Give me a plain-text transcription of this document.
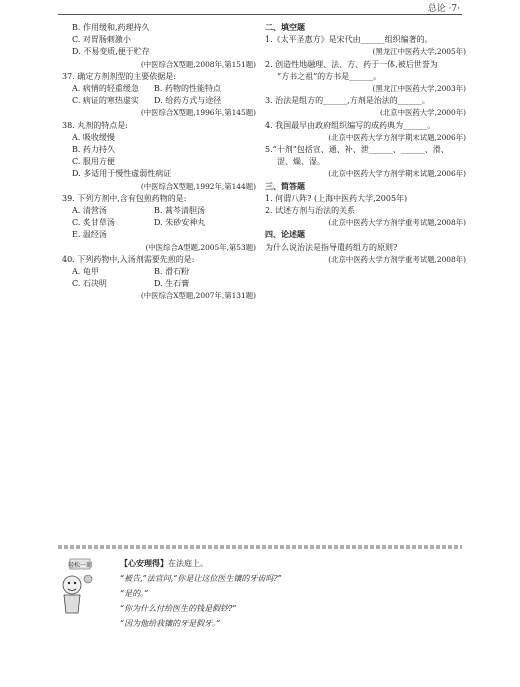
总论 ·7·
B. 作用缓和,药理持久
C. 对胃肠刺激小
D. 不易变质,便于贮存
(中医综合X型题,2008年,第151题)
37. 确定方剂剂型的主要依据是:
A. 病情的轻重缓急	B. 药物的性能特点
C. 病证的寒热虚实	D. 给药方式与途径
(中医综合X型题,1996年,第145题)
38. 丸剂的特点是:
A. 吸收缓慢
B. 药力持久
C. 服用方便
D. 多适用于慢性虚弱性病证
(中医综合X型题,1992年,第144题)
39. 下列方剂中,含有包煎药物的是:
A. 清营汤	B. 蒿芩清胆汤
C. 炙甘草汤	D. 朱砂安神丸
E. 温经汤
(中医综合A型题,2005年,第53题)
40. 下列药物中,入汤剂需要先煎的是:
A. 龟甲	B. 滑石粉
C. 石决明	D. 生石膏
(中医综合X型题,2007年,第131题)
二、填空题
1.《太平圣惠方》是宋代由______组织编著的。
(黑龙江中医药大学,2005年)
2. 创造性地融理、法、方、药于一体,被后世誉为
“方书之祖”的方书是______。
(黑龙江中医药大学,2003年)
3. 治法是组方的______,方剂是治法的______。
(北京中医药大学,2000年)
4. 我国最早由政府组织编写的成药典为______。
(北京中医药大学方剂学期末试题,2006年)
5.“十剂”包括宣、通、补、泄______、______、滑、
涩、燥、湿。
(北京中医药大学方剂学期末试题,2006年)
三、简答题
1. 何谓八阵? (上海中医药大学,2005年)
2. 试述方剂与治法的关系
(北京中医药大学方剂学重考试题,2008年)
四、论述题
为什么说治法是指导遣药组方的原则?
(北京中医药大学方剂学重考试题,2008年)
轻松一刻	【心安理得】在法庭上。
“被告,”法官问,“你是让这位医生镶的牙齿吗?”
“是的。”
“你为什么付给医生的钱是假钞?”
“因为他给我镶的牙是假牙。”
